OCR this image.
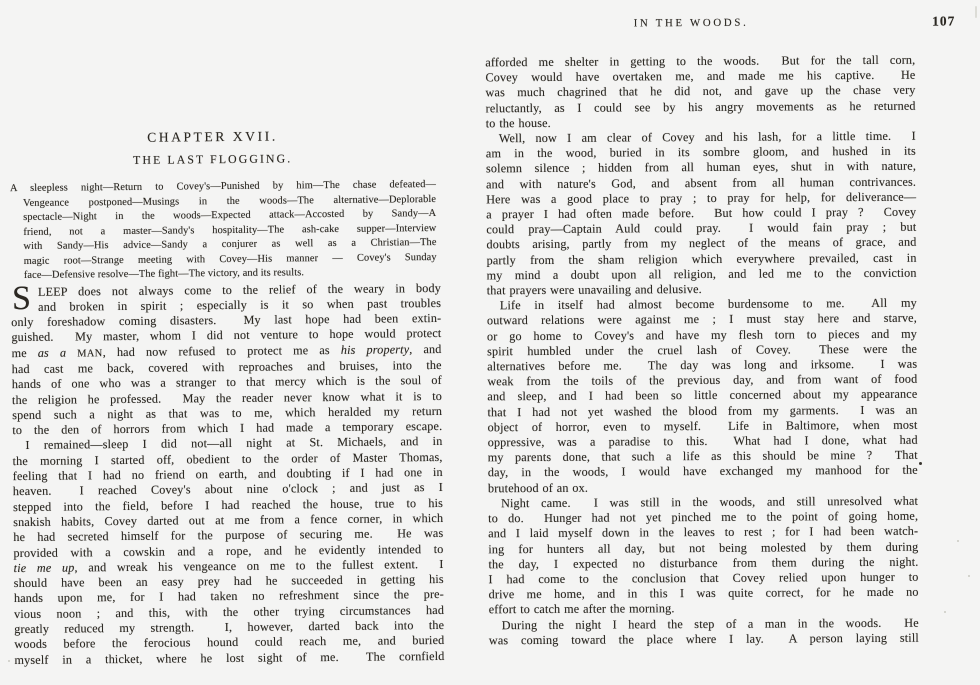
CHAPTER XVII.
THE LAST FLOGGING.
A sleepless night—Return to Covey's—Punished by him—The chase defeated—
Vengeance postponed—Musings in the woods—The alternative—Deplorable
spectacle—Night in the woods—Expected attack—Accosted by Sandy—A
friend, not a master—Sandy's hospitality—The ash-cake supper—Interview
with Sandy—His advice—Sandy a conjurer as well as a Christian—The
magic root—Strange meeting with Covey—His manner — Covey's Sunday
face—Defensive resolve—The fight—The victory, and its results.
S LEEP does not always come to the relief of the weary in body
and broken in spirit ; especially is it so when past troubles
only foreshadow coming disasters.  My last hope had been extin-
guished.  My master, whom I did not venture to hope would protect
me as a MAN, had now refused to protect me as his property, and
had cast me back, covered with reproaches and bruises, into the
hands of one who was a stranger to that mercy which is the soul of
the religion he professed.  May the reader never know what it is to
spend such a night as that was to me, which heralded my return
to the den of horrors from which I had made a temporary escape.
I remained—sleep I did not—all night at St. Michaels, and in
the morning I started off, obedient to the order of Master Thomas,
feeling that I had no friend on earth, and doubting if I had one in
heaven.  I reached Covey's about nine o'clock ; and just as I
stepped into the field, before I had reached the house, true to his
snakish habits, Covey darted out at me from a fence corner, in which
he had secreted himself for the purpose of securing me.  He was
provided with a cowskin and a rope, and he evidently intended to
tie me up, and wreak his vengeance on me to the fullest extent.  I
should have been an easy prey had he succeeded in getting his
hands upon me, for I had taken no refreshment since the pre-
vious noon ; and this, with the other trying circumstances had
greatly reduced my strength.  I, however, darted back into the
woods before the ferocious hound could reach me, and buried
myself in a thicket, where he lost sight of me.  The cornfield
IN THE WOODS.	107
afforded me shelter in getting to the woods.  But for the tall corn,
Covey would have overtaken me, and made me his captive.  He
was much chagrined that he did not, and gave up the chase very
reluctantly, as I could see by his angry movements as he returned
to the house.
Well, now I am clear of Covey and his lash, for a little time.  I
am in the wood, buried in its sombre gloom, and hushed in its
solemn silence ; hidden from all human eyes, shut in with nature,
and with nature's God, and absent from all human contrivances.
Here was a good place to pray ; to pray for help, for deliverance—
a prayer I had often made before.  But how could I pray ?  Covey
could pray—Captain Auld could pray.  I would fain pray ; but
doubts arising, partly from my neglect of the means of grace, and
partly from the sham religion which everywhere prevailed, cast in
my mind a doubt upon all religion, and led me to the conviction
that prayers were unavailing and delusive.
Life in itself had almost become burdensome to me.  All my
outward relations were against me ; I must stay here and starve,
or go home to Covey's and have my flesh torn to pieces and my
spirit humbled under the cruel lash of Covey.  These were the
alternatives before me.  The day was long and irksome.  I was
weak from the toils of the previous day, and from want of food
and sleep, and I had been so little concerned about my appearance
that I had not yet washed the blood from my garments.  I was an
object of horror, even to myself.  Life in Baltimore, when most
oppressive, was a paradise to this.  What had I done, what had
my parents done, that such a life as this should be mine ?  That
day, in the woods, I would have exchanged my manhood for the
brutehood of an ox.
Night came.  I was still in the woods, and still unresolved what
to do.  Hunger had not yet pinched me to the point of going home,
and I laid myself down in the leaves to rest ; for I had been watch-
ing for hunters all day, but not being molested by them during
the day, I expected no disturbance from them during the night.
I had come to the conclusion that Covey relied upon hunger to
drive me home, and in this I was quite correct, for he made no
effort to catch me after the morning.
During the night I heard the step of a man in the woods.  He
was coming toward the place where I lay.  A person laying still
